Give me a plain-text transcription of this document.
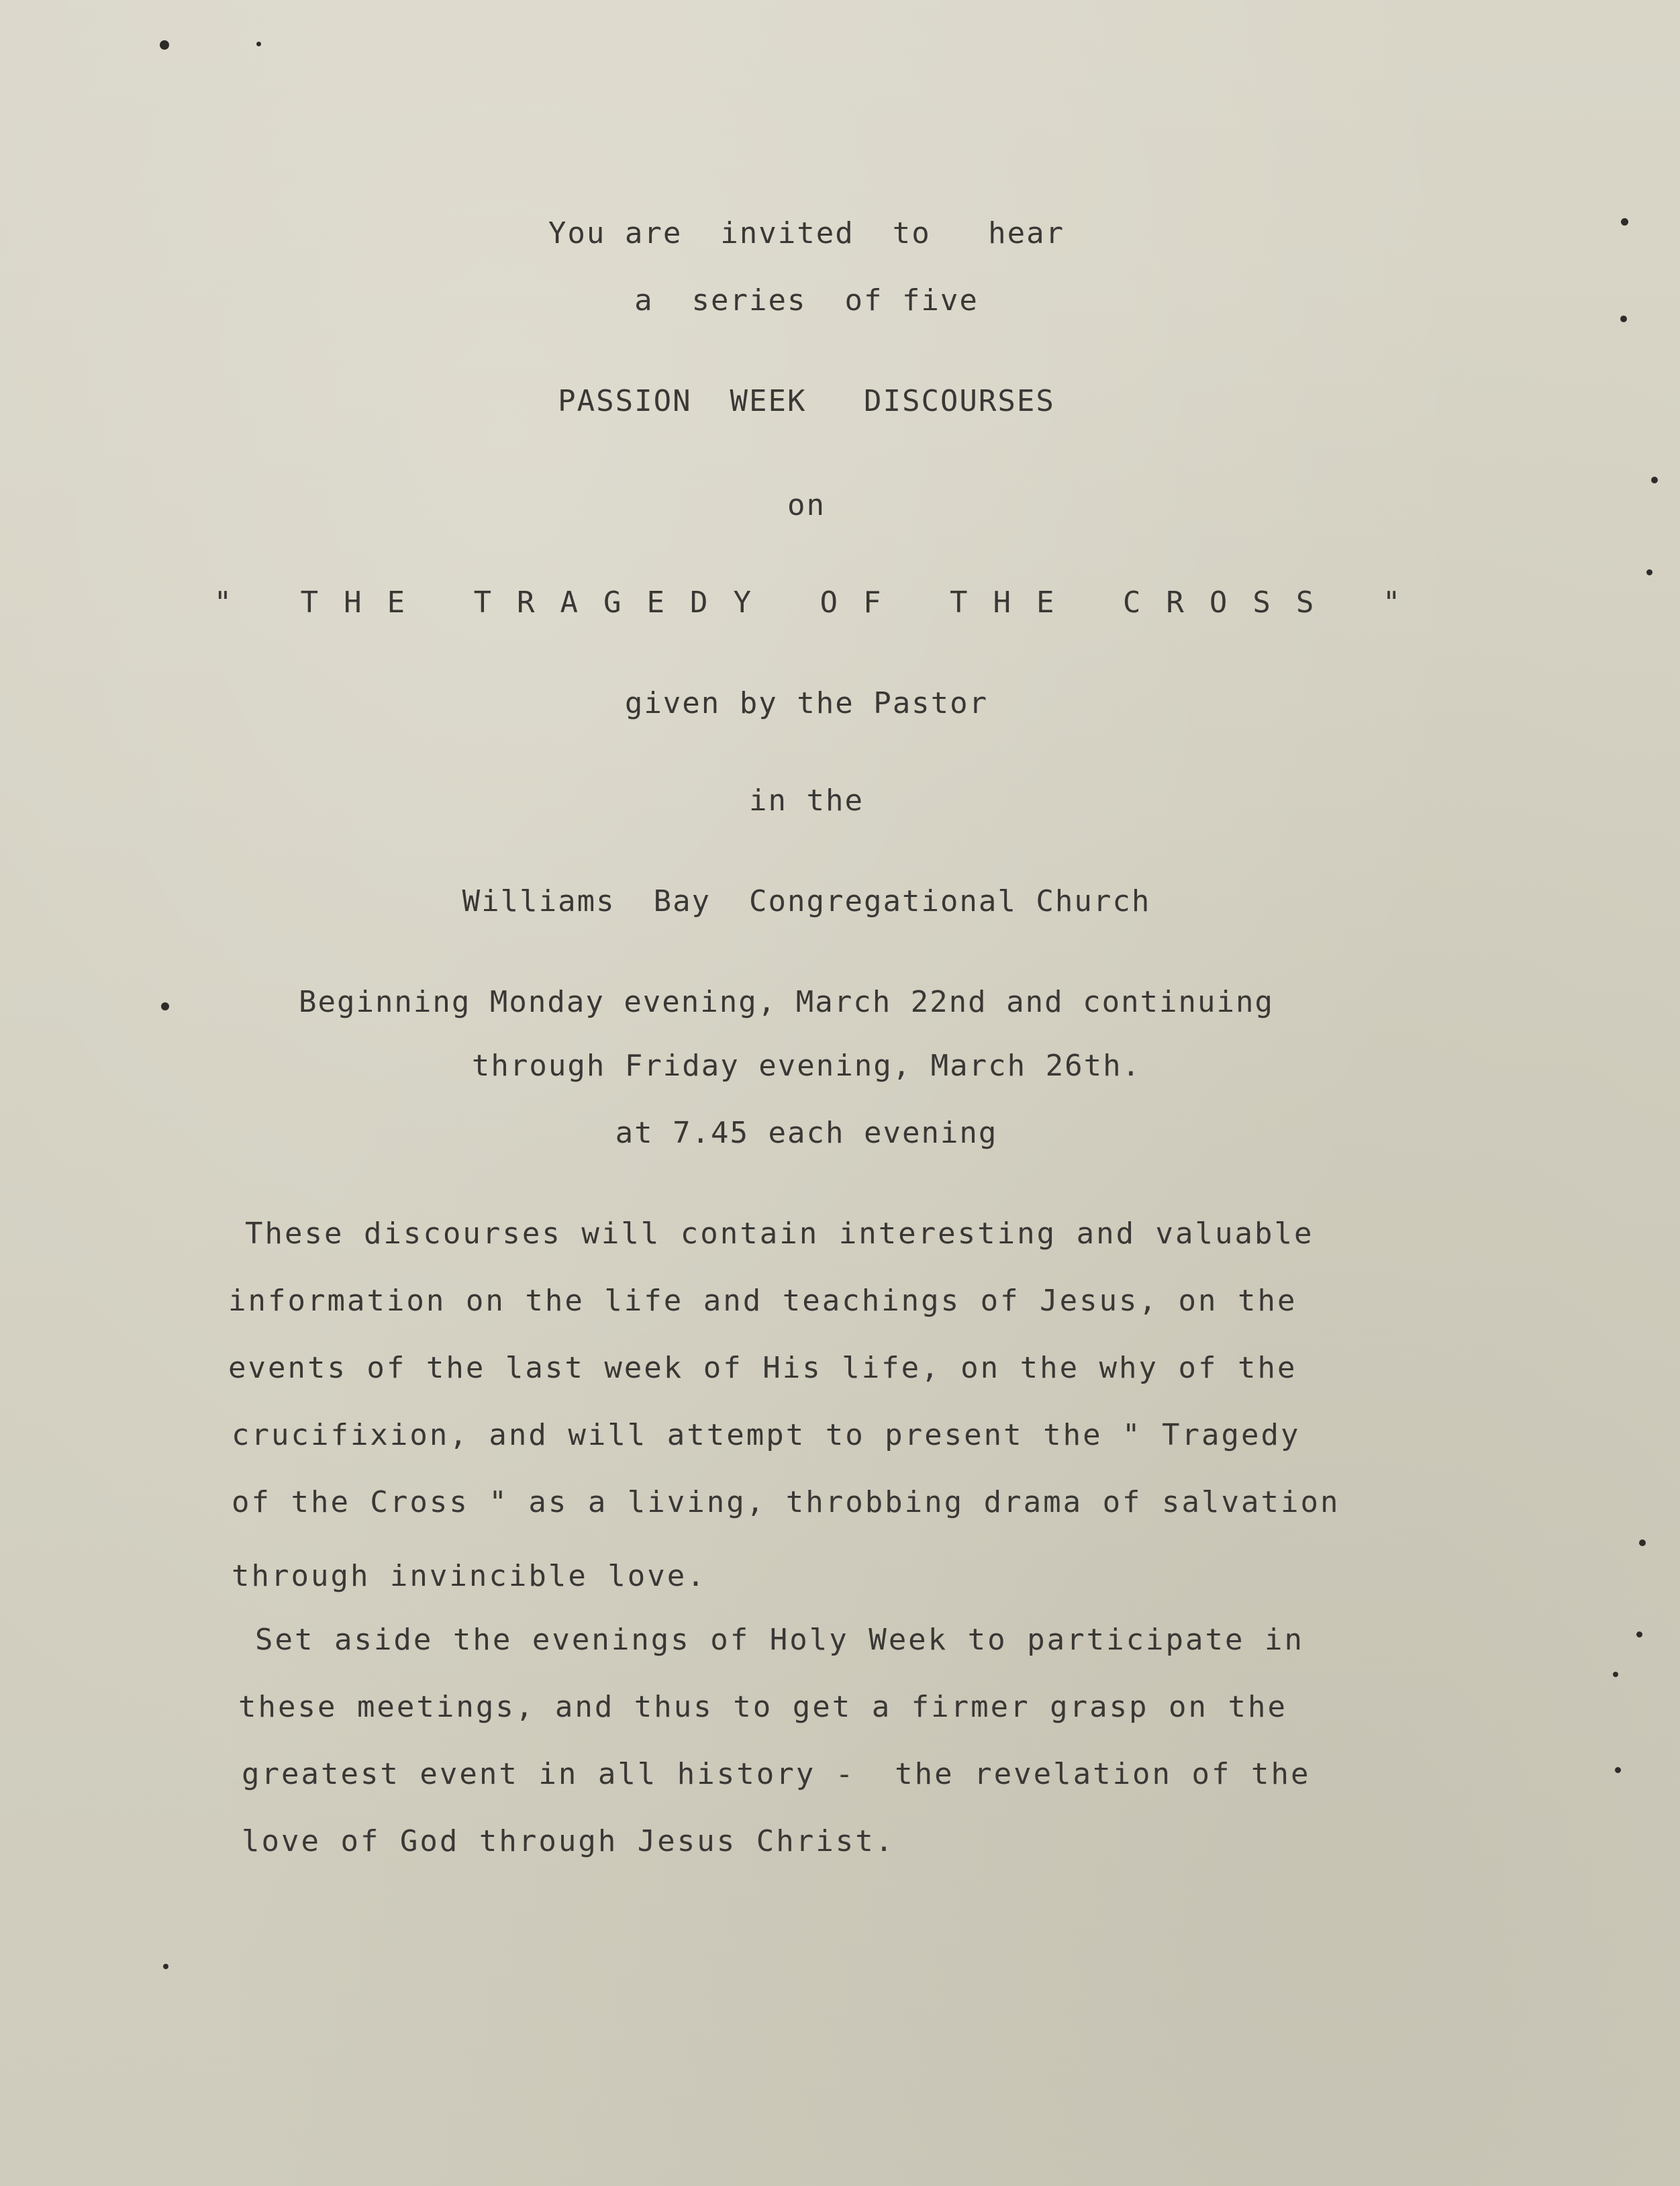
You are  invited  to   hear
a  series  of five
PASSION  WEEK   DISCOURSES
on
" THE TRAGEDY OF THE CROSS "
given by the Pastor
in the
Williams  Bay  Congregational Church
Beginning Monday evening, March 22nd and continuing
through Friday evening, March 26th.
at 7.45 each evening
These discourses will contain interesting and valuable
information on the life and teachings of Jesus, on the
events of the last week of His life, on the why of the
crucifixion, and will attempt to present the " Tragedy
of the Cross " as a living, throbbing drama of salvation
through invincible love.
Set aside the evenings of Holy Week to participate in
these meetings, and thus to get a firmer grasp on the
greatest event in all history -  the revelation of the
love of God through Jesus Christ.
